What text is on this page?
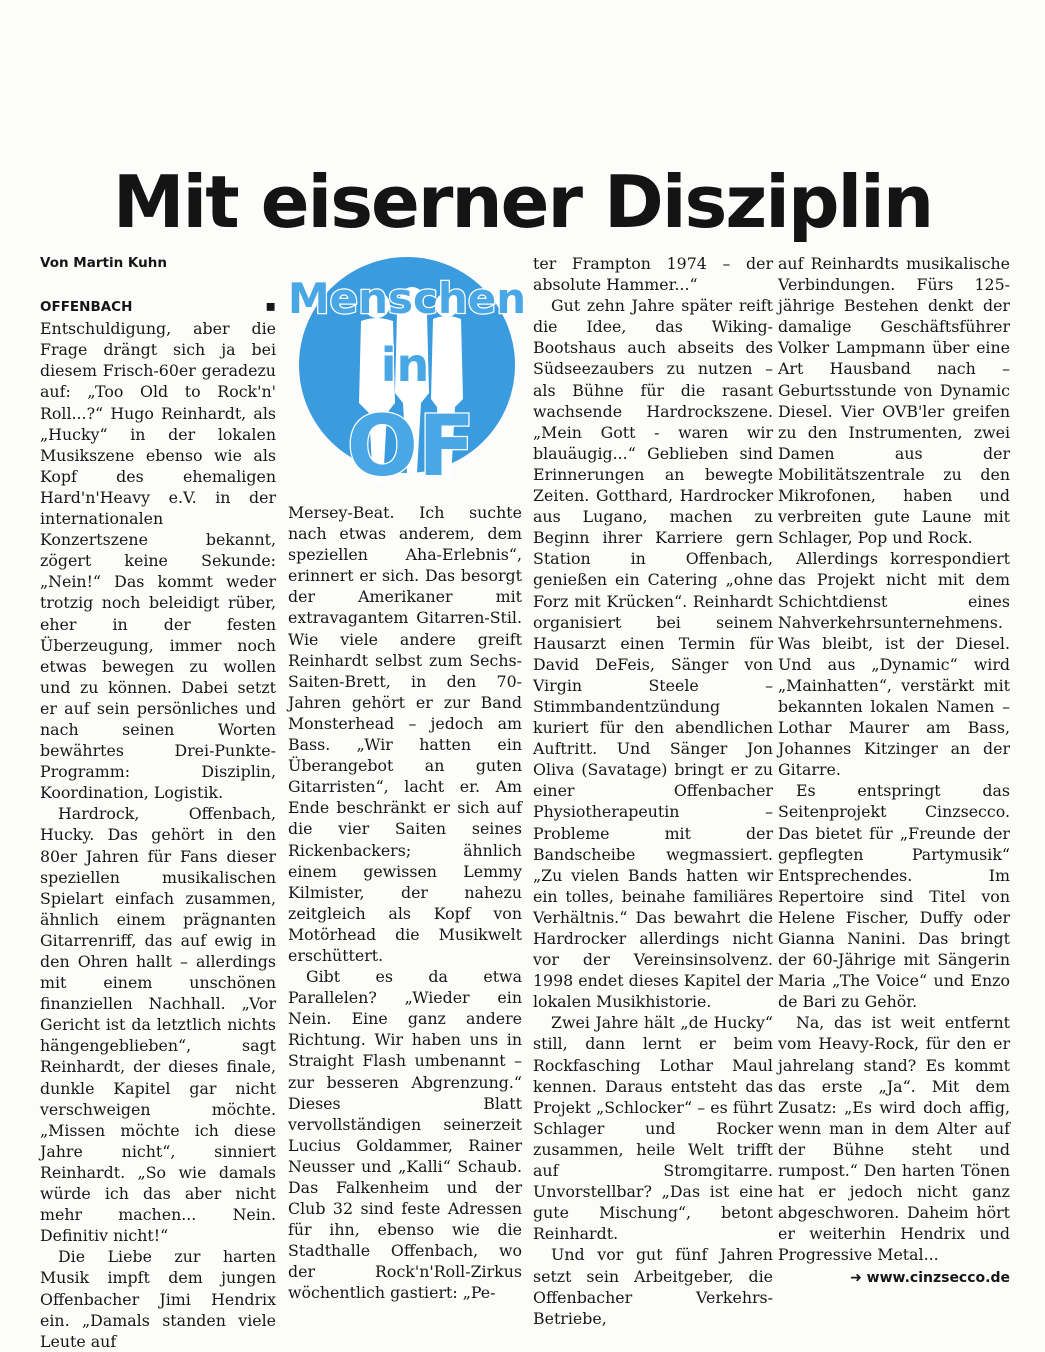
Mit eiserner Disziplin
Von Martin Kuhn

OFFENBACH	▪ Entschuldigung, aber die Frage drängt sich ja bei diesem Frisch-60er geradezu auf: „Too Old to Rock'n' Roll...?“ Hugo Reinhardt, als „Hucky“ in der lokalen Musikszene ebenso wie als Kopf des ehemaligen Hard'n'Heavy e.V. in der internationalen Konzertszene bekannt, zögert keine Sekunde: „Nein!“ Das kommt weder trotzig noch beleidigt rüber, eher in der festen Überzeugung, immer noch etwas bewegen zu wollen und zu können. Dabei setzt er auf sein persönliches und nach seinen Worten bewährtes Drei-Punkte-Programm: Disziplin, Koordination, Logistik.

Hardrock, Offenbach, Hucky. Das gehört in den 80er Jahren für Fans dieser speziellen musikalischen Spielart einfach zusammen, ähnlich einem prägnanten Gitarrenriff, das auf ewig in den Ohren hallt – allerdings mit einem unschönen finanziellen Nachhall. „Vor Gericht ist da letztlich nichts hängengeblieben“, sagt Reinhardt, der dieses finale, dunkle Kapitel gar nicht verschweigen möchte. „Missen möchte ich diese Jahre nicht“, sinniert Reinhardt. „So wie damals würde ich das aber nicht mehr machen... Nein. Definitiv nicht!“

Die Liebe zur harten Musik impft dem jungen Offenbacher Jimi Hendrix ein. „Damals standen viele Leute auf

Menschen
in
OF

Mersey-Beat. Ich suchte nach etwas anderem, dem speziellen Aha-Erlebnis“, erinnert er sich. Das besorgt der Amerikaner mit extravagantem Gitarren-Stil. Wie viele andere greift Reinhardt selbst zum Sechs-Saiten-Brett, in den 70-Jahren gehört er zur Band Monsterhead – jedoch am Bass. „Wir hatten ein Überangebot an guten Gitarristen“, lacht er. Am Ende beschränkt er sich auf die vier Saiten seines Rickenbackers; ähnlich einem gewissen Lemmy Kilmister, der nahezu zeitgleich als Kopf von Motörhead die Musikwelt erschüttert.

Gibt es da etwa Parallelen? „Wieder ein Nein. Eine ganz andere Richtung. Wir haben uns in Straight Flash umbenannt – zur besseren Abgrenzung.“ Dieses Blatt vervollständigen seinerzeit Lucius Goldammer, Rainer Neusser und „Kalli“ Schaub. Das Falkenheim und der Club 32 sind feste Adressen für ihn, ebenso wie die Stadthalle Offenbach, wo der Rock'n'Roll-Zirkus wöchentlich gastiert: „Pe-

ter Frampton 1974 – der absolute Hammer...“

Gut zehn Jahre später reift die Idee, das Wiking-Bootshaus auch abseits des Südseezaubers zu nutzen – als Bühne für die rasant wachsende Hardrockszene. „Mein Gott - waren wir blauäugig...“ Geblieben sind Erinnerungen an bewegte Zeiten. Gotthard, Hardrocker aus Lugano, machen zu Beginn ihrer Karriere gern Station in Offenbach, genießen ein Catering „ohne Forz mit Krücken“. Reinhardt organisiert bei seinem Hausarzt einen Termin für David DeFeis, Sänger von Virgin Steele – Stimmbandentzündung kuriert für den abendlichen Auftritt. Und Sänger Jon Oliva (Savatage) bringt er zu einer Offenbacher Physiotherapeutin – Probleme mit der Bandscheibe wegmassiert. „Zu vielen Bands hatten wir ein tolles, beinahe familiäres Verhältnis.“ Das bewahrt die Hardrocker allerdings nicht vor der Vereinsinsolvenz. 1998 endet dieses Kapitel der lokalen Musikhistorie.

Zwei Jahre hält „de Hucky“ still, dann lernt er beim Rockfasching Lothar Maul kennen. Daraus entsteht das Projekt „Schlocker“ – es führt Schlager und Rocker zusammen, heile Welt trifft auf Stromgitarre. Unvorstellbar? „Das ist eine gute Mischung“, betont Reinhardt.

Und vor gut fünf Jahren setzt sein Arbeitgeber, die Offenbacher Verkehrs-Betriebe,

auf Reinhardts musikalische Verbindungen. Fürs 125-jährige Bestehen denkt der damalige Geschäftsführer Volker Lampmann über eine Art Hausband nach – Geburtsstunde von Dynamic Diesel. Vier OVB'ler greifen zu den Instrumenten, zwei Damen aus der Mobilitätszentrale zu den Mikrofonen, haben und verbreiten gute Laune mit Schlager, Pop und Rock.

Allerdings korrespondiert das Projekt nicht mit dem Schichtdienst eines Nahverkehrsunternehmens. Was bleibt, ist der Diesel. Und aus „Dynamic“ wird „Mainhatten“, verstärkt mit bekannten lokalen Namen – Lothar Maurer am Bass, Johannes Kitzinger an der Gitarre.

Es entspringt das Seitenprojekt Cinzsecco. Das bietet für „Freunde der gepflegten Partymusik“ Entsprechendes. Im Repertoire sind Titel von Helene Fischer, Duffy oder Gianna Nanini. Das bringt der 60-Jährige mit Sängerin Maria „The Voice“ und Enzo de Bari zu Gehör.

Na, das ist weit entfernt vom Heavy-Rock, für den er jahrelang stand? Es kommt das erste „Ja“. Mit dem Zusatz: „Es wird doch affig, wenn man in dem Alter auf der Bühne steht und rumpost.“ Den harten Tönen hat er jedoch nicht ganz abgeschworen. Daheim hört er weiterhin Hendrix und Progressive Metal...

➜ www.cinzsecco.de
